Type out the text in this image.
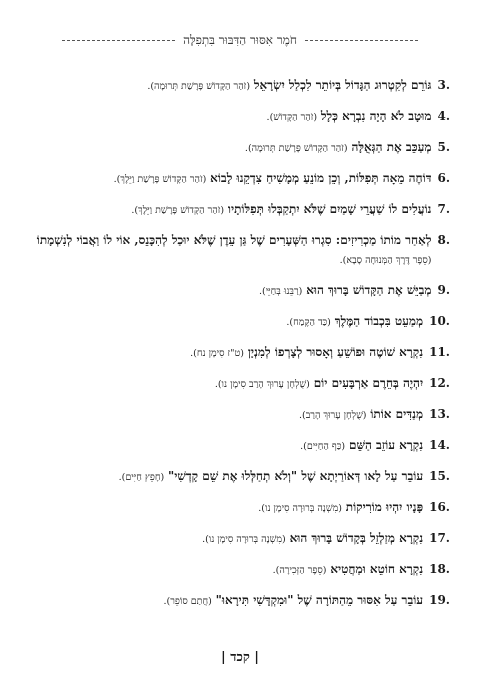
חֹמֶר אִסּוּר הַדִּבּוּר בִּתְפִלָּה
3.
גּוֹרֵם לְקִטְרוּג הַגָּדוֹל בְּיוֹתֵר לִכְלַל יִשְׂרָאֵל (זֹהַר הַקָּדוֹשׁ פָּרָשַׁת תְּרוּמָה).
4.
מוּטָב לֹא הָיָה נִבְרָא כְּלָל (זֹהַר הַקָּדוֹשׁ).
5.
מְעַכֵּב אֶת הַגְּאֻלָּה (זֹהַר הַקָּדוֹשׁ פָּרָשַׁת תְּרוּמָה).
6.
דּוֹחֶה מֵאָה תְּפִלּוֹת, וְכֵן מוֹנֵעַ מְמָשִׁיחַ צִדְקֵנוּ לָבוֹא (זֹהַר הַקָּדוֹשׁ פָּרָשַׁת וַיֵּלֶךְ).
7.
נוֹעֲלִים לוֹ שַׁעֲרֵי שָׁמַיִם שֶׁלֹּא יִתְקַבְּלוּ תְּפִלּוֹתָיו (זֹהַר הַקָּדוֹשׁ פָּרָשַׁת וַיֵּלֶךְ).
8.
לְאַחַר מוֹתוֹ מַכְרִיזִים: סִגְרוּ הַשְּׁעָרִים שֶׁל גַּן עֵדֶן שֶׁלֹּא יוּכַל לְהִכָּנֵס, אוֹי לוֹ וַאֲבוֹי לְנִשְׁמָתוֹ (סֵפֶר דֶּרֶךְ הַמְּנוּחָה סָבָא).
9.
מְבַיֵּשׁ אֶת הַקָּדוֹשׁ בָּרוּךְ הוּא (רַבֵּנוּ בְּחַיֵּי).
10.
מְמַעֵט בִּכְבוֹד הַמֶּלֶךְ (כַּד הַקֶּמַח).
11.
נִקְרָא שׁוֹטֶה וּפוֹשֵׁעַ וְאָסוּר לְצָרְפוֹ לְמִנְיָן (ט"ז סִימָן נח).
12.
יִהְיֶה בְּחֵרֶם אַרְבָּעִים יוֹם (שֻׁלְחָן עָרוּךְ הָרַב סִימָן נו).
13.
מְנַדִּים אוֹתוֹ (שֻׁלְחָן עָרוּךְ הָרַב).
14.
נִקְרָא עוֹזֵב הַשֵּׁם (כַּף הַחַיִּים).
15.
עוֹבֵר עַל לָאו דְּאוֹרַיְתָא שֶׁל "וְלֹא תְחַלְּלוּ אֶת שֵׁם קָדְשִׁי" (חָפֵץ חַיִּים).
16.
פָּנָיו יִהְיוּ מוֹרִיקוֹת (מִשְׁנָה בְּרוּרָה סִימָן נו).
17.
נִקְרָא מְזַלְזֵל בְּקָדוֹשׁ בָּרוּךְ הוּא (מִשְׁנָה בְּרוּרָה סִימָן נו).
18.
נִקְרָא חוֹטֵא וּמַחֲטִיא (סֵפֶר הַזְּכִירָה).
19.
עוֹבֵר עַל אִסּוּר מֵהַתּוֹרָה שֶׁל "וּמִקְדָּשִׁי תִּירָאוּ" (חֲתַם סוֹפֵר).
| קכד |
